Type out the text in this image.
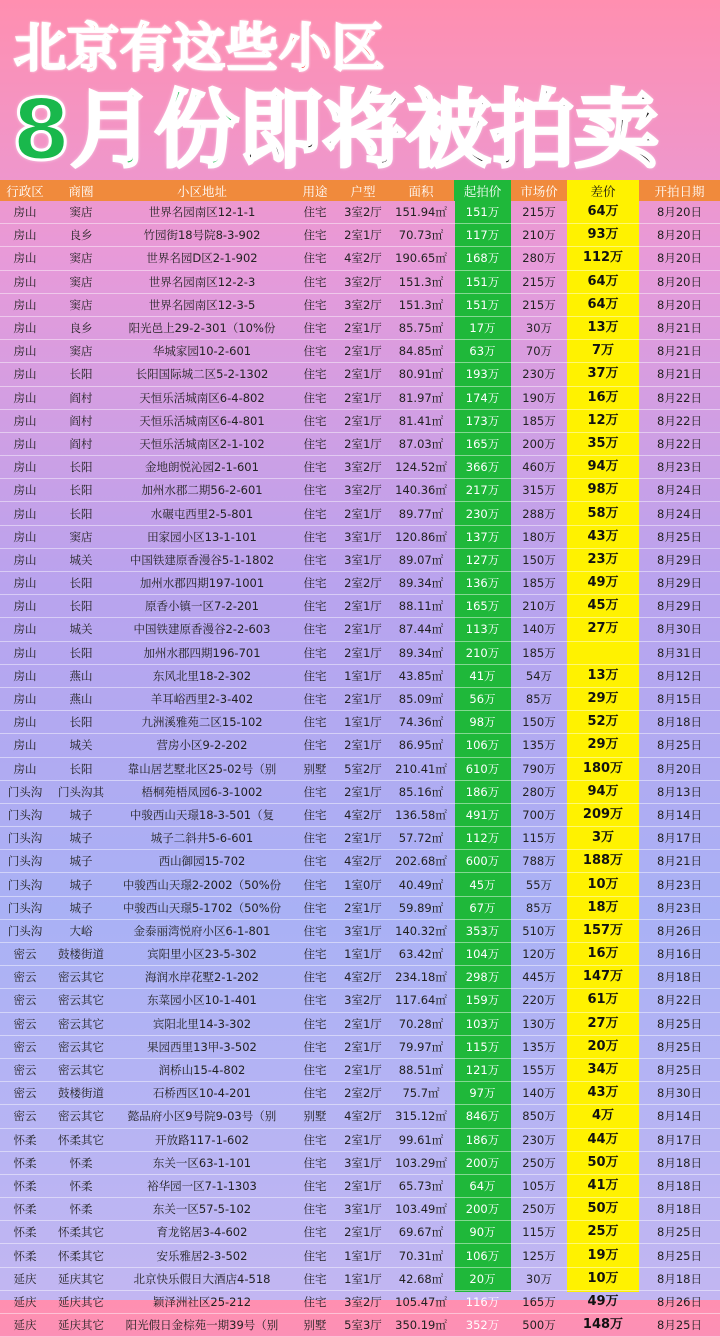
北京有这些小区
8月份即将被拍卖
行政区	商圈	小区地址	用途	户型	面积	起拍价	市场价	差价	开拍日期
房山	窦店	世界名园南区12-1-1	住宅	3室2厅	151.94㎡	151万	215万	64万	8月20日
房山	良乡	竹园街18号院8-3-902	住宅	2室1厅	70.73㎡	117万	210万	93万	8月20日
房山	窦店	世界名园D区2-1-902	住宅	4室2厅	190.65㎡	168万	280万	112万	8月20日
房山	窦店	世界名园南区12-2-3	住宅	3室2厅	151.3㎡	151万	215万	64万	8月20日
房山	窦店	世界名园南区12-3-5	住宅	3室2厅	151.3㎡	151万	215万	64万	8月20日
房山	良乡	阳光邑上29-2-301（10%份	住宅	2室1厅	85.75㎡	17万	30万	13万	8月21日
房山	窦店	华城家园10-2-601	住宅	2室1厅	84.85㎡	63万	70万	7万	8月21日
房山	长阳	长阳国际城二区5-2-1302	住宅	2室1厅	80.91㎡	193万	230万	37万	8月21日
房山	阎村	天恒乐活城南区6-4-802	住宅	2室1厅	81.97㎡	174万	190万	16万	8月22日
房山	阎村	天恒乐活城南区6-4-801	住宅	2室1厅	81.41㎡	173万	185万	12万	8月22日
房山	阎村	天恒乐活城南区2-1-102	住宅	2室1厅	87.03㎡	165万	200万	35万	8月22日
房山	长阳	金地朗悦沁园2-1-601	住宅	3室2厅	124.52㎡	366万	460万	94万	8月23日
房山	长阳	加州水郡二期56-2-601	住宅	3室2厅	140.36㎡	217万	315万	98万	8月24日
房山	长阳	水碾屯西里2-5-801	住宅	2室1厅	89.77㎡	230万	288万	58万	8月24日
房山	窦店	田家园小区13-1-101	住宅	3室1厅	120.86㎡	137万	180万	43万	8月25日
房山	城关	中国铁建原香漫谷5-1-1802	住宅	3室1厅	89.07㎡	127万	150万	23万	8月29日
房山	长阳	加州水郡四期197-1001	住宅	2室2厅	89.34㎡	136万	185万	49万	8月29日
房山	长阳	原香小镇一区7-2-201	住宅	2室1厅	88.11㎡	165万	210万	45万	8月29日
房山	城关	中国铁建原香漫谷2-2-603	住宅	2室1厅	87.44㎡	113万	140万	27万	8月30日
房山	长阳	加州水郡四期196-701	住宅	2室1厅	89.34㎡	210万	185万		8月31日
房山	燕山	东风北里18-2-302	住宅	1室1厅	43.85㎡	41万	54万	13万	8月12日
房山	燕山	羊耳峪西里2-3-402	住宅	2室1厅	85.09㎡	56万	85万	29万	8月15日
房山	长阳	九洲溪雅苑二区15-102	住宅	1室1厅	74.36㎡	98万	150万	52万	8月18日
房山	城关	营房小区9-2-202	住宅	2室1厅	86.95㎡	106万	135万	29万	8月25日
房山	长阳	靠山居艺墅北区25-02号（别	别墅	5室2厅	210.41㎡	610万	790万	180万	8月20日
门头沟	门头沟其	梧桐苑梧凤园6-3-1002	住宅	2室1厅	85.16㎡	186万	280万	94万	8月13日
门头沟	城子	中骏西山天璟18-3-501（复	住宅	4室2厅	136.58㎡	491万	700万	209万	8月14日
门头沟	城子	城子二斜井5-6-601	住宅	2室1厅	57.72㎡	112万	115万	3万	8月17日
门头沟	城子	西山御园15-702	住宅	4室2厅	202.68㎡	600万	788万	188万	8月21日
门头沟	城子	中骏西山天璟2-2002（50%份	住宅	1室0厅	40.49㎡	45万	55万	10万	8月23日
门头沟	城子	中骏西山天璟5-1702（50%份	住宅	2室1厅	59.89㎡	67万	85万	18万	8月23日
门头沟	大峪	金泰丽湾悦府小区6-1-801	住宅	3室1厅	140.32㎡	353万	510万	157万	8月26日
密云	鼓楼街道	宾阳里小区23-5-302	住宅	1室1厅	63.42㎡	104万	120万	16万	8月16日
密云	密云其它	海润水岸花墅2-1-202	住宅	4室2厅	234.18㎡	298万	445万	147万	8月18日
密云	密云其它	东菜园小区10-1-401	住宅	3室2厅	117.64㎡	159万	220万	61万	8月22日
密云	密云其它	宾阳北里14-3-302	住宅	2室1厅	70.28㎡	103万	130万	27万	8月25日
密云	密云其它	果园西里13甲-3-502	住宅	2室1厅	79.97㎡	115万	135万	20万	8月25日
密云	密云其它	润桥山15-4-802	住宅	2室1厅	88.51㎡	121万	155万	34万	8月25日
密云	鼓楼街道	石桥西区10-4-201	住宅	2室2厅	75.7㎡	97万	140万	43万	8月30日
密云	密云其它	懿品府小区9号院9-03号（别	别墅	4室2厅	315.12㎡	846万	850万	4万	8月14日
怀柔	怀柔其它	开放路117-1-602	住宅	2室1厅	99.61㎡	186万	230万	44万	8月17日
怀柔	怀柔	东关一区63-1-101	住宅	3室1厅	103.29㎡	200万	250万	50万	8月18日
怀柔	怀柔	裕华园一区7-1-1303	住宅	2室1厅	65.73㎡	64万	105万	41万	8月18日
怀柔	怀柔	东关一区57-5-102	住宅	3室1厅	103.49㎡	200万	250万	50万	8月18日
怀柔	怀柔其它	育龙铭居3-4-602	住宅	2室1厅	69.67㎡	90万	115万	25万	8月25日
怀柔	怀柔其它	安乐雅居2-3-502	住宅	1室1厅	70.31㎡	106万	125万	19万	8月25日
延庆	延庆其它	北京快乐假日大酒店4-518	住宅	1室1厅	42.68㎡	20万	30万	10万	8月18日
延庆	延庆其它	颖泽洲社区25-212	住宅	3室2厅	105.47㎡	116万	165万	49万	8月26日
延庆	延庆其它	阳光假日金棕苑一期39号（别	别墅	5室3厅	350.19㎡	352万	500万	148万	8月25日
